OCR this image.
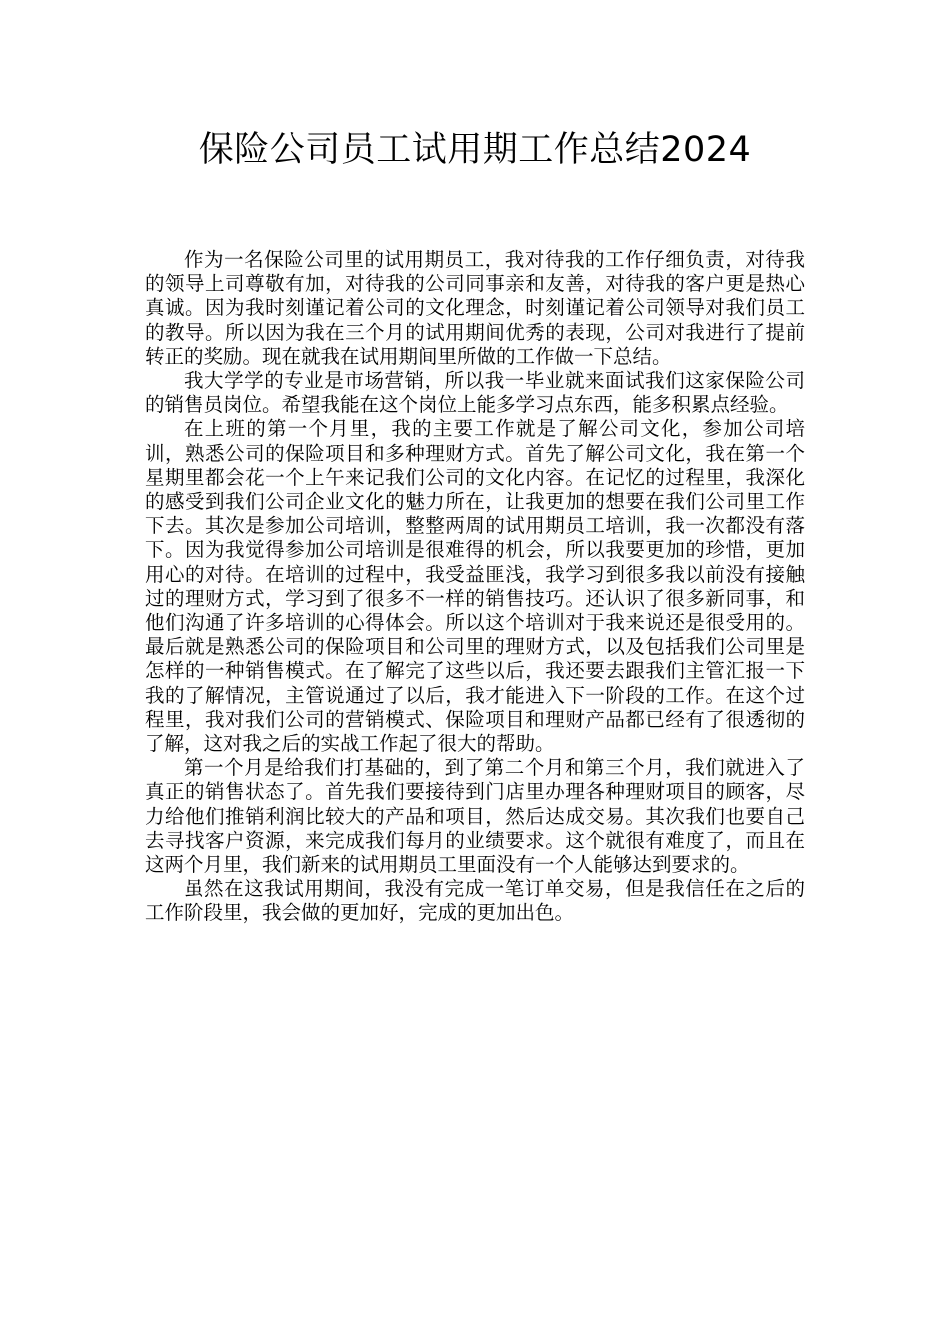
保险公司员工试用期工作总结2024

作为一名保险公司里的试用期员工，我对待我的工作仔细负责，对待我的领导上司尊敬有加，对待我的公司同事亲和友善，对待我的客户更是热心真诚。因为我时刻谨记着公司的文化理念，时刻谨记着公司领导对我们员工的教导。所以因为我在三个月的试用期间优秀的表现，公司对我进行了提前转正的奖励。现在就我在试用期间里所做的工作做一下总结。

我大学学的专业是市场营销，所以我一毕业就来面试我们这家保险公司的销售员岗位。希望我能在这个岗位上能多学习点东西，能多积累点经验。

在上班的第一个月里，我的主要工作就是了解公司文化，参加公司培训，熟悉公司的保险项目和多种理财方式。首先了解公司文化，我在第一个星期里都会花一个上午来记我们公司的文化内容。在记忆的过程里，我深化的感受到我们公司企业文化的魅力所在，让我更加的想要在我们公司里工作下去。其次是参加公司培训，整整两周的试用期员工培训，我一次都没有落下。因为我觉得参加公司培训是很难得的机会，所以我要更加的珍惜，更加用心的对待。在培训的过程中，我受益匪浅，我学习到很多我以前没有接触过的理财方式，学习到了很多不一样的销售技巧。还认识了很多新同事，和他们沟通了许多培训的心得体会。所以这个培训对于我来说还是很受用的。最后就是熟悉公司的保险项目和公司里的理财方式，以及包括我们公司里是怎样的一种销售模式。在了解完了这些以后，我还要去跟我们主管汇报一下我的了解情况，主管说通过了以后，我才能进入下一阶段的工作。在这个过程里，我对我们公司的营销模式、保险项目和理财产品都已经有了很透彻的了解，这对我之后的实战工作起了很大的帮助。

第一个月是给我们打基础的，到了第二个月和第三个月，我们就进入了真正的销售状态了。首先我们要接待到门店里办理各种理财项目的顾客，尽力给他们推销利润比较大的产品和项目，然后达成交易。其次我们也要自己去寻找客户资源，来完成我们每月的业绩要求。这个就很有难度了，而且在这两个月里，我们新来的试用期员工里面没有一个人能够达到要求的。

虽然在这我试用期间，我没有完成一笔订单交易，但是我信任在之后的工作阶段里，我会做的更加好，完成的更加出色。
